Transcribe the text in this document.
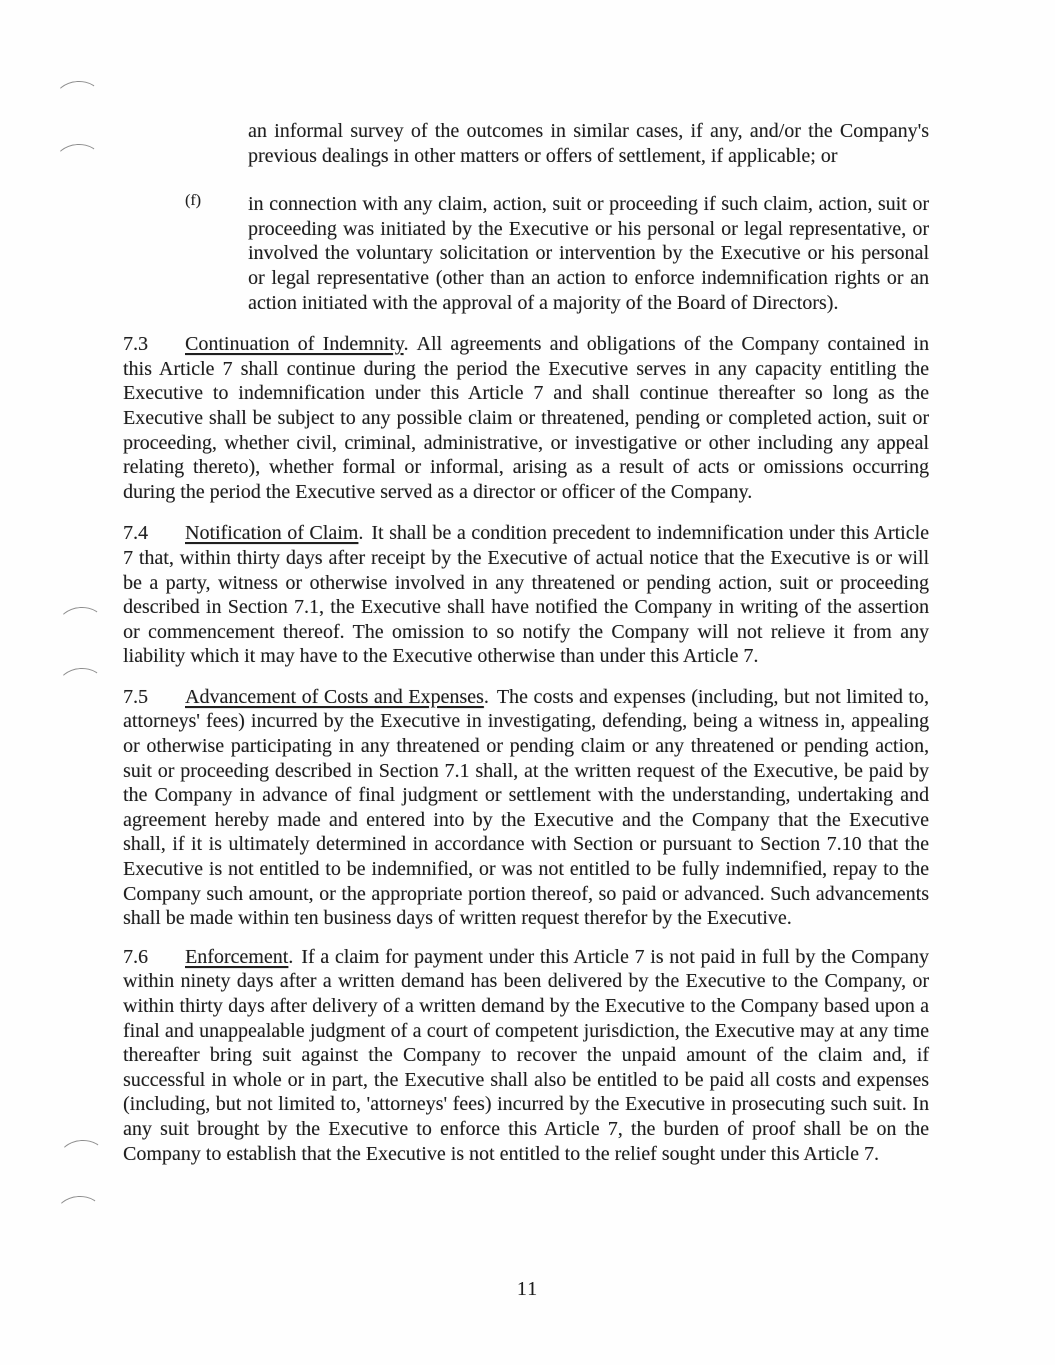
an informal survey of the outcomes in similar cases, if any, and/or the Company's previous dealings in other matters or offers of settlement, if applicable; or

(f) in connection with any claim, action, suit or proceeding if such claim, action, suit or proceeding was initiated by the Executive or his personal or legal representative, or involved the voluntary solicitation or intervention by the Executive or his personal or legal representative (other than an action to enforce indemnification rights or an action initiated with the approval of a majority of the Board of Directors).

7.3 Continuation of Indemnity. All agreements and obligations of the Company contained in this Article 7 shall continue during the period the Executive serves in any capacity entitling the Executive to indemnification under this Article 7 and shall continue thereafter so long as the Executive shall be subject to any possible claim or threatened, pending or completed action, suit or proceeding, whether civil, criminal, administrative, or investigative or other including any appeal relating thereto), whether formal or informal, arising as a result of acts or omissions occurring during the period the Executive served as a director or officer of the Company.

7.4 Notification of Claim. It shall be a condition precedent to indemnification under this Article 7 that, within thirty days after receipt by the Executive of actual notice that the Executive is or will be a party, witness or otherwise involved in any threatened or pending action, suit or proceeding described in Section 7.1, the Executive shall have notified the Company in writing of the assertion or commencement thereof. The omission to so notify the Company will not relieve it from any liability which it may have to the Executive otherwise than under this Article 7.

7.5 Advancement of Costs and Expenses. The costs and expenses (including, but not limited to, attorneys' fees) incurred by the Executive in investigating, defending, being a witness in, appealing or otherwise participating in any threatened or pending claim or any threatened or pending action, suit or proceeding described in Section 7.1 shall, at the written request of the Executive, be paid by the Company in advance of final judgment or settlement with the understanding, undertaking and agreement hereby made and entered into by the Executive and the Company that the Executive shall, if it is ultimately determined in accordance with Section or pursuant to Section 7.10 that the Executive is not entitled to be indemnified, or was not entitled to be fully indemnified, repay to the Company such amount, or the appropriate portion thereof, so paid or advanced. Such advancements shall be made within ten business days of written request therefor by the Executive.

7.6 Enforcement. If a claim for payment under this Article 7 is not paid in full by the Company within ninety days after a written demand has been delivered by the Executive to the Company, or within thirty days after delivery of a written demand by the Executive to the Company based upon a final and unappealable judgment of a court of competent jurisdiction, the Executive may at any time thereafter bring suit against the Company to recover the unpaid amount of the claim and, if successful in whole or in part, the Executive shall also be entitled to be paid all costs and expenses (including, but not limited to, 'attorneys' fees) incurred by the Executive in prosecuting such suit. In any suit brought by the Executive to enforce this Article 7, the burden of proof shall be on the Company to establish that the Executive is not entitled to the relief sought under this Article 7.

11
